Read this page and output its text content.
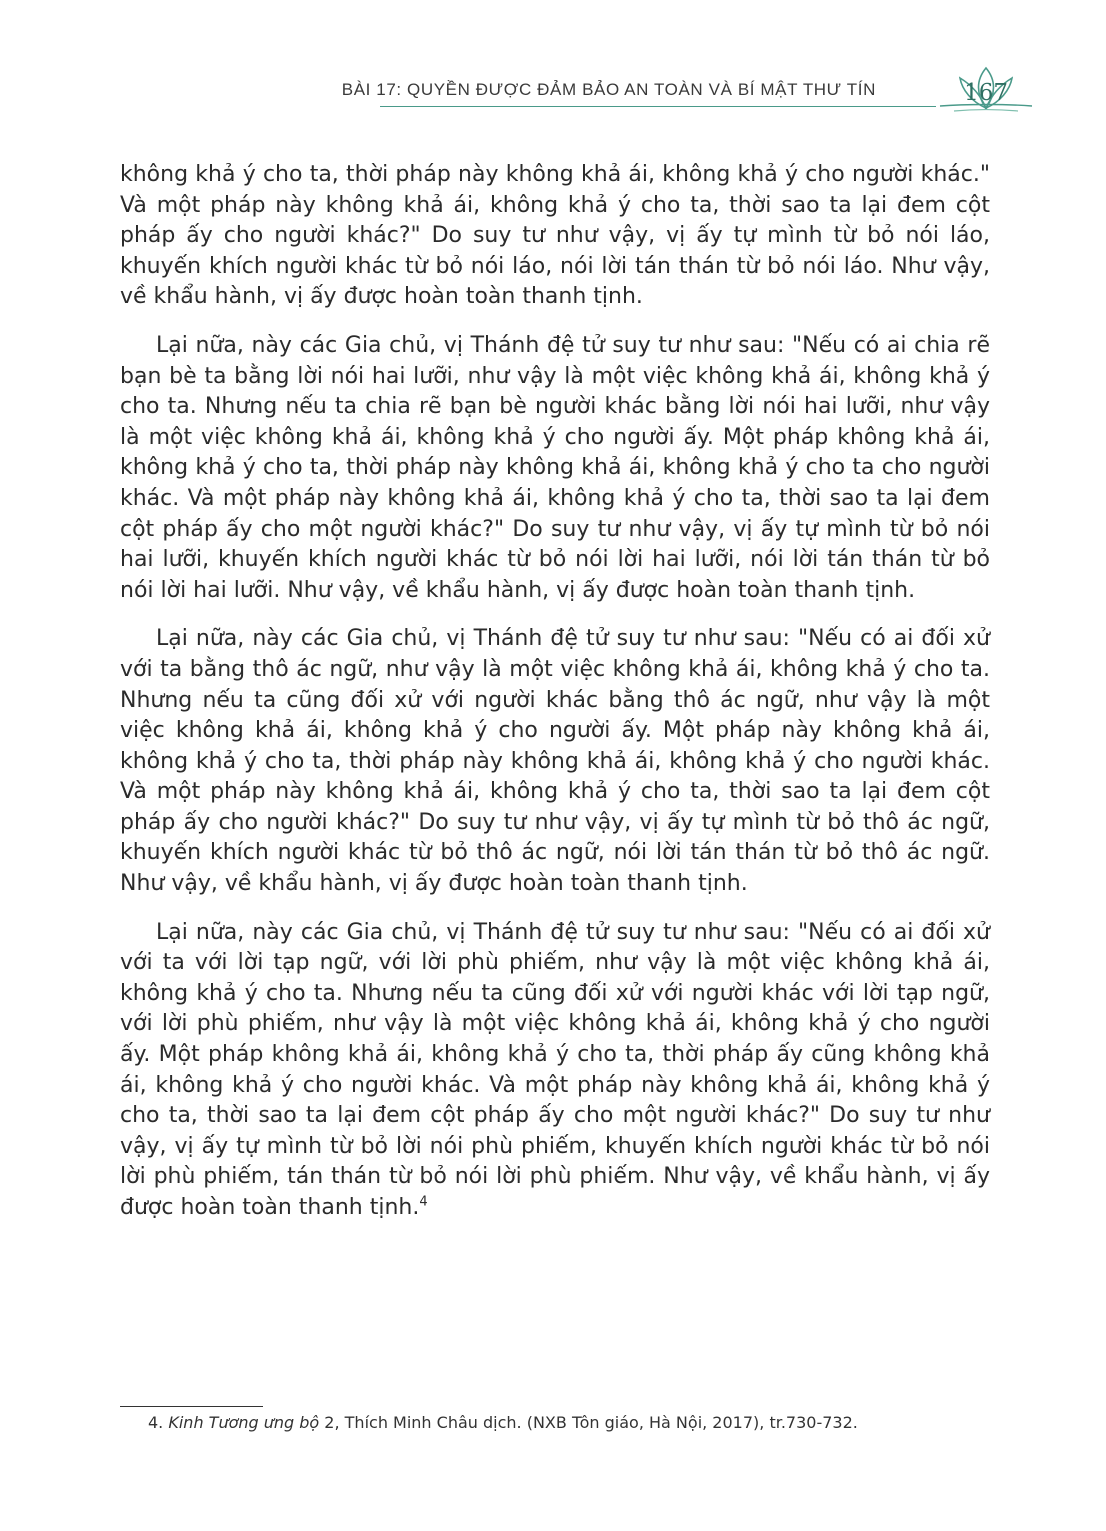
BÀI 17: QUYỀN ĐƯỢC ĐẢM BẢO AN TOÀN VÀ BÍ MẬT THƯ TÍN	167

không khả ý cho ta, thời pháp này không khả ái, không khả ý cho người khác." Và một pháp này không khả ái, không khả ý cho ta, thời sao ta lại đem cột pháp ấy cho người khác?" Do suy tư như vậy, vị ấy tự mình từ bỏ nói láo, khuyến khích người khác từ bỏ nói láo, nói lời tán thán từ bỏ nói láo. Như vậy, về khẩu hành, vị ấy được hoàn toàn thanh tịnh.

Lại nữa, này các Gia chủ, vị Thánh đệ tử suy tư như sau: "Nếu có ai chia rẽ bạn bè ta bằng lời nói hai lưỡi, như vậy là một việc không khả ái, không khả ý cho ta. Nhưng nếu ta chia rẽ bạn bè người khác bằng lời nói hai lưỡi, như vậy là một việc không khả ái, không khả ý cho người ấy. Một pháp không khả ái, không khả ý cho ta, thời pháp này không khả ái, không khả ý cho ta cho người khác. Và một pháp này không khả ái, không khả ý cho ta, thời sao ta lại đem cột pháp ấy cho một người khác?" Do suy tư như vậy, vị ấy tự mình từ bỏ nói hai lưỡi, khuyến khích người khác từ bỏ nói lời hai lưỡi, nói lời tán thán từ bỏ nói lời hai lưỡi. Như vậy, về khẩu hành, vị ấy được hoàn toàn thanh tịnh.

Lại nữa, này các Gia chủ, vị Thánh đệ tử suy tư như sau: "Nếu có ai đối xử với ta bằng thô ác ngữ, như vậy là một việc không khả ái, không khả ý cho ta. Nhưng nếu ta cũng đối xử với người khác bằng thô ác ngữ, như vậy là một việc không khả ái, không khả ý cho người ấy. Một pháp này không khả ái, không khả ý cho ta, thời pháp này không khả ái, không khả ý cho người khác. Và một pháp này không khả ái, không khả ý cho ta, thời sao ta lại đem cột pháp ấy cho người khác?" Do suy tư như vậy, vị ấy tự mình từ bỏ thô ác ngữ, khuyến khích người khác từ bỏ thô ác ngữ, nói lời tán thán từ bỏ thô ác ngữ. Như vậy, về khẩu hành, vị ấy được hoàn toàn thanh tịnh.

Lại nữa, này các Gia chủ, vị Thánh đệ tử suy tư như sau: "Nếu có ai đối xử với ta với lời tạp ngữ, với lời phù phiếm, như vậy là một việc không khả ái, không khả ý cho ta. Nhưng nếu ta cũng đối xử với người khác với lời tạp ngữ, với lời phù phiếm, như vậy là một việc không khả ái, không khả ý cho người ấy. Một pháp không khả ái, không khả ý cho ta, thời pháp ấy cũng không khả ái, không khả ý cho người khác. Và một pháp này không khả ái, không khả ý cho ta, thời sao ta lại đem cột pháp ấy cho một người khác?" Do suy tư như vậy, vị ấy tự mình từ bỏ lời nói phù phiếm, khuyến khích người khác từ bỏ nói lời phù phiếm, tán thán từ bỏ nói lời phù phiếm. Như vậy, về khẩu hành, vị ấy được hoàn toàn thanh tịnh.$^4$

4. Kinh Tương ưng bộ 2, Thích Minh Châu dịch. (NXB Tôn giáo, Hà Nội, 2017), tr.730-732.
